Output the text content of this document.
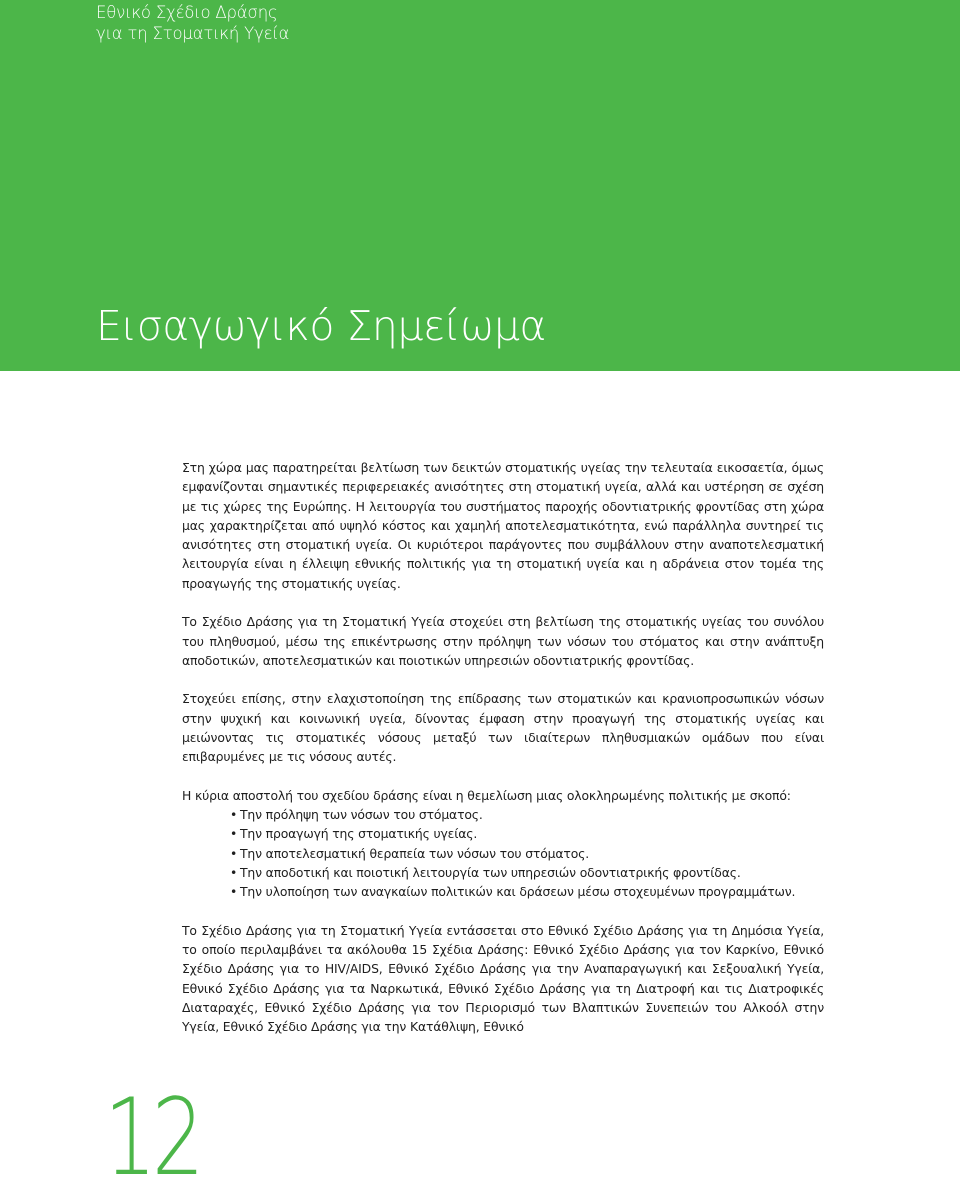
Εθνικό Σχέδιο Δράσης
για τη Στοματική Υγεία
Εισαγωγικό Σημείωμα

Στη χώρα μας παρατηρείται βελτίωση των δεικτών στοματικής υγείας την τελευταία εικοσαετία, όμως εμφανίζονται σημαντικές περιφερειακές ανισότητες στη στοματική υγεία, αλλά και υστέρηση σε σχέση με τις χώρες της Ευρώπης. Η λειτουργία του συστήματος παροχής οδοντιατρικής φροντίδας στη χώρα μας χαρακτηρίζεται από υψηλό κόστος και χαμηλή αποτελεσματικότητα, ενώ παράλληλα συντηρεί τις ανισότητες στη στοματική υγεία. Οι κυριότεροι παράγοντες που συμβάλλουν στην αναποτελεσματική λειτουργία είναι η έλλειψη εθνικής πολιτικής για τη στοματική υγεία και η αδράνεια στον τομέα της προαγωγής της στοματικής υγείας.

Το Σχέδιο Δράσης για τη Στοματική Υγεία στοχεύει στη βελτίωση της στοματικής υγείας του συνόλου του πληθυσμού, μέσω της επικέντρωσης στην πρόληψη των νόσων του στόματος και στην ανάπτυξη αποδοτικών, αποτελεσματικών και ποιοτικών υπηρεσιών οδοντιατρικής φροντίδας.

Στοχεύει επίσης, στην ελαχιστοποίηση της επίδρασης των στοματικών και κρανιοπροσωπικών νόσων στην ψυχική και κοινωνική υγεία, δίνοντας έμφαση στην προαγωγή της στοματικής υγείας και μειώνοντας τις στοματικές νόσους μεταξύ των ιδιαίτερων πληθυσμιακών ομάδων που είναι επιβαρυμένες με τις νόσους αυτές.

Η κύρια αποστολή του σχεδίου δράσης είναι η θεμελίωση μιας ολοκληρωμένης πολιτικής με σκοπό:

• Την πρόληψη των νόσων του στόματος.
• Την προαγωγή της στοματικής υγείας.
• Την αποτελεσματική θεραπεία των νόσων του στόματος.
• Την αποδοτική και ποιοτική λειτουργία των υπηρεσιών οδοντιατρικής φροντίδας.
• Την υλοποίηση των αναγκαίων πολιτικών και δράσεων μέσω στοχευμένων προγραμμάτων.

Το Σχέδιο Δράσης για τη Στοματική Υγεία εντάσσεται στο Εθνικό Σχέδιο Δράσης για τη Δημόσια Υγεία, το οποίο περιλαμβάνει τα ακόλουθα 15 Σχέδια Δράσης: Εθνικό Σχέδιο Δράσης για τον Καρκίνο, Εθνικό Σχέδιο Δράσης για το HIV/AIDS, Εθνικό Σχέδιο Δράσης για την Αναπαραγωγική και Σεξουαλική Υγεία, Εθνικό Σχέδιο Δράσης για τα Ναρκωτικά, Εθνικό Σχέδιο Δράσης για τη Διατροφή και τις Διατροφικές Διαταραχές, Εθνικό Σχέδιο Δράσης για τον Περιορισμό των Βλαπτικών Συνεπειών του Αλκοόλ στην Υγεία, Εθνικό Σχέδιο Δράσης για την Κατάθλιψη, Εθνικό

12
